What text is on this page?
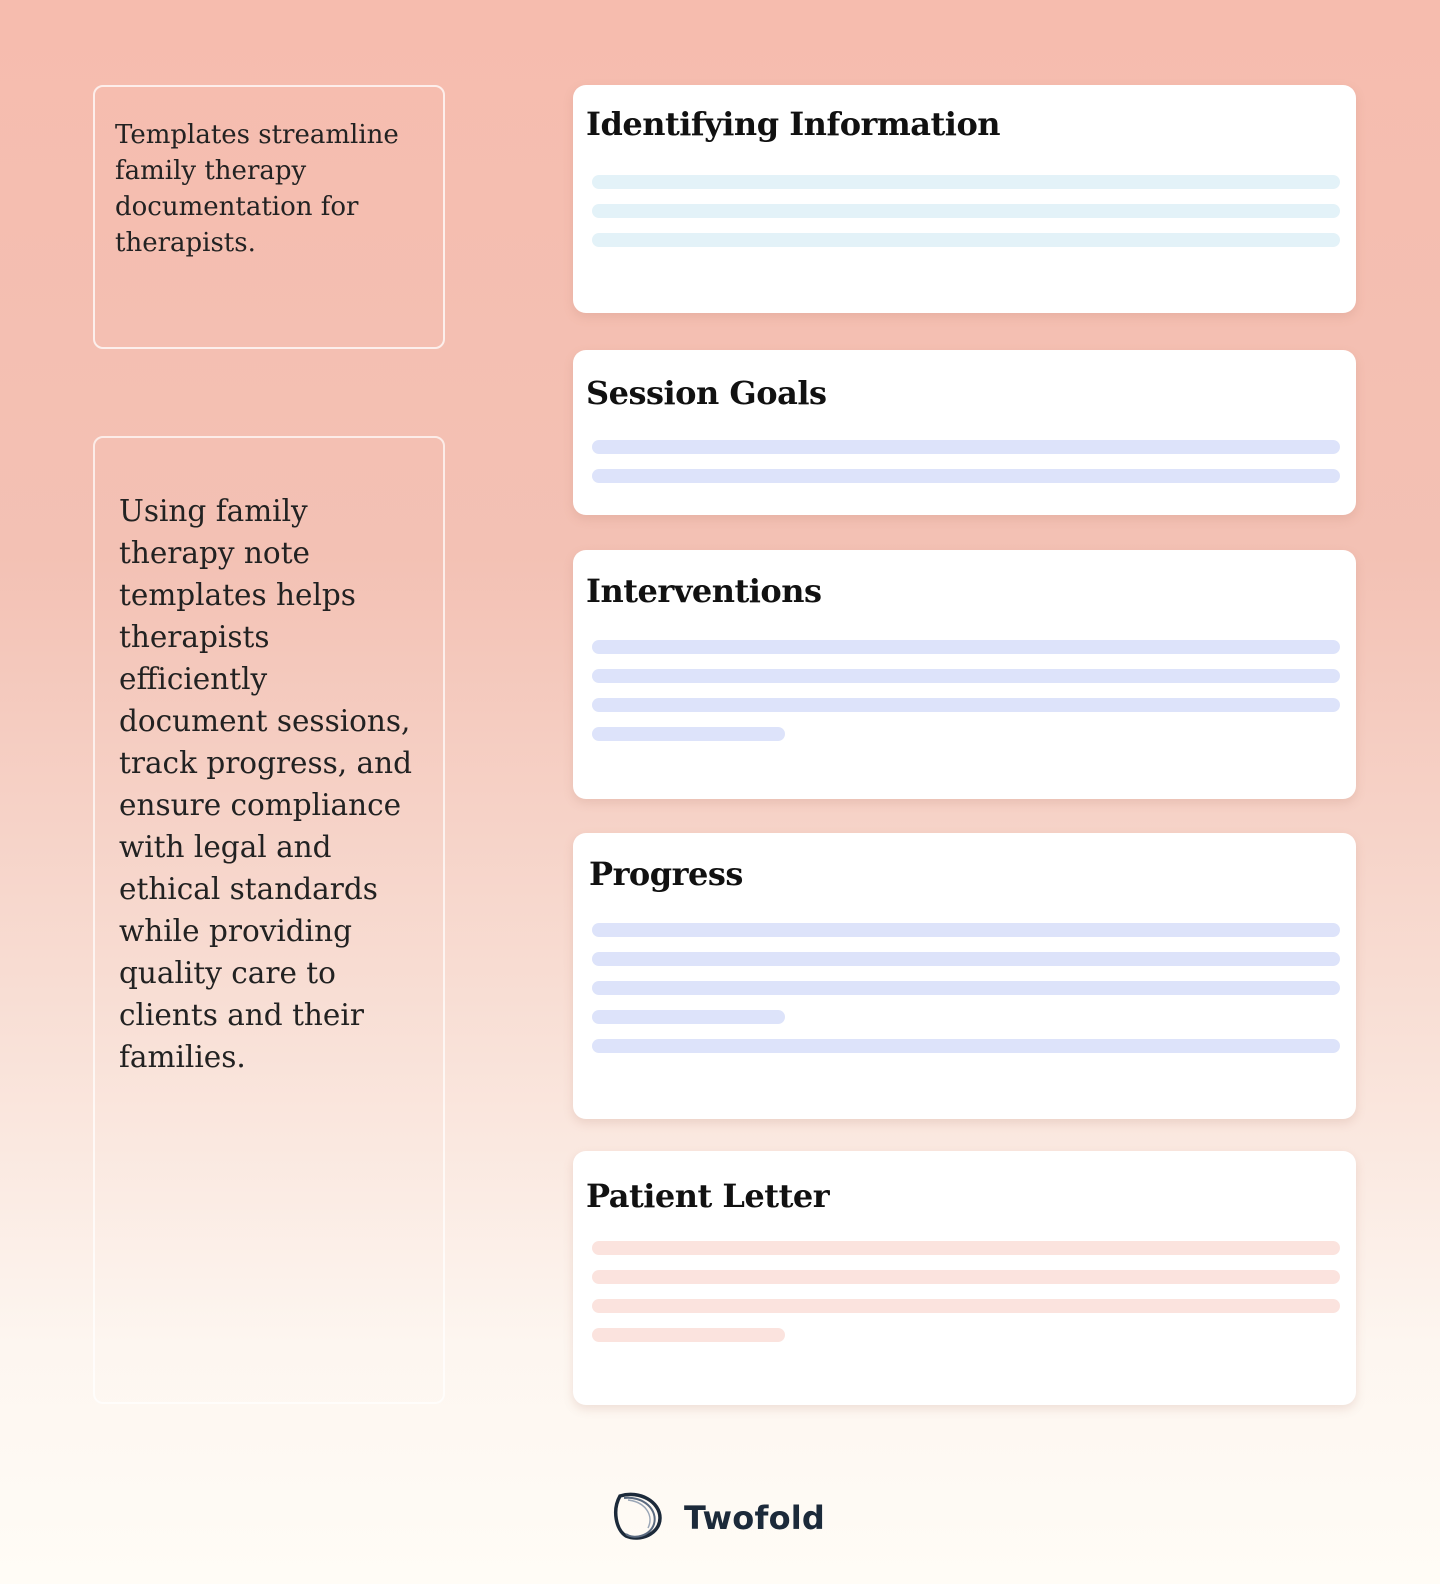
Templates streamline family therapy documentation for therapists.
Using family therapy note templates helps therapists efficiently document sessions, track progress, and ensure compliance with legal and ethical standards while providing quality care to clients and their families.
Identifying Information
Session Goals
Interventions
Progress
Patient Letter
Twofold
